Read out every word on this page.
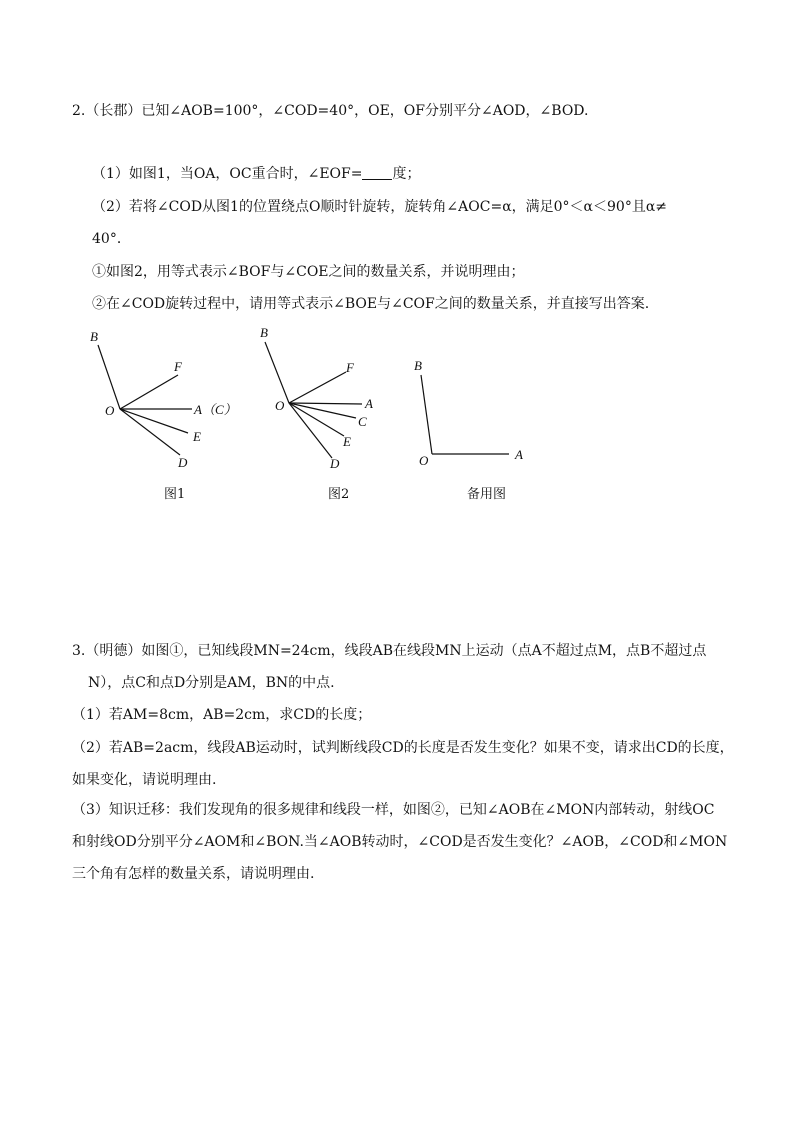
2.（长郡）已知∠AOB=100°，∠COD=40°，OE，OF分别平分∠AOD，∠BOD.
（1）如图1，当OA，OC重合时，∠EOF= 度；
（2）若将∠COD从图1的位置绕点O顺时针旋转，旋转角∠AOC=α，满足0°＜α＜90°且α≠
40°．
①如图2，用等式表示∠BOF与∠COE之间的数量关系，并说明理由；
②在∠COD旋转过程中，请用等式表示∠BOE与∠COF之间的数量关系，并直接写出答案.
B
F
O	A（C）
E
D
图1
B
F
O	A
C
E
D
图2
B
O	A
备用图
3.（明德）如图①，已知线段MN=24cm，线段AB在线段MN上运动（点A不超过点M，点B不超过点
N），点C和点D分别是AM，BN的中点.
（1）若AM=8cm，AB=2cm，求CD的长度；
（2）若AB=2acm，线段AB运动时，试判断线段CD的长度是否发生变化？如果不变，请求出CD的长度，
如果变化，请说明理由.
（3）知识迁移：我们发现角的很多规律和线段一样，如图②，已知∠AOB在∠MON内部转动，射线OC
和射线OD分别平分∠AOM和∠BON.当∠AOB转动时，∠COD是否发生变化？∠AOB，∠COD和∠MON
三个角有怎样的数量关系，请说明理由.
